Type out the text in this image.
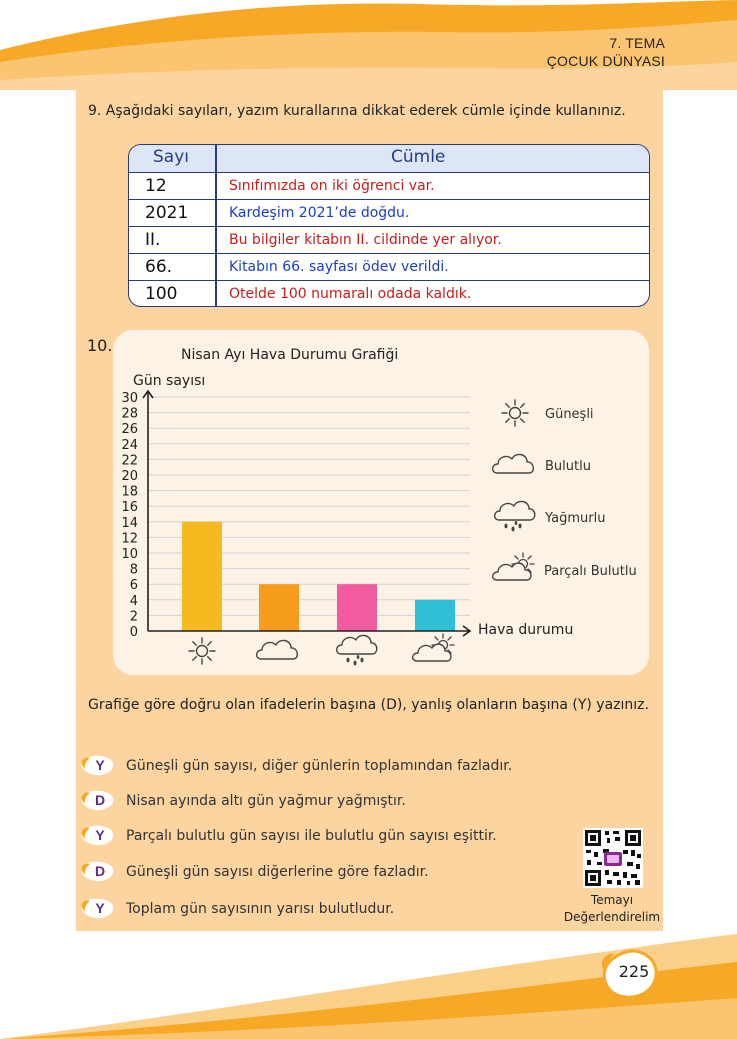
7. TEMA
ÇOCUK DÜNYASI
9. Aşağıdaki sayıları, yazım kurallarına dikkat ederek cümle içinde kullanınız.
Sayı	Cümle
12	Sınıfımızda on iki öğrenci var.
2021	Kardeşim 2021’de doğdu.
II.	Bu bilgiler kitabın II. cildinde yer alıyor.
66.	Kitabın 66. sayfası ödev verildi.
100	Otelde 100 numaralı odada kaldık.
10.	Nisan Ayı Hava Durumu Grafiği
Gün sayısı
0
2
4
6
8
10
12
14
16
18
20
22
24
26
28
30
Hava durumu
Güneşli
Bulutlu
Yağmurlu
Parçalı Bulutlu
Grafiğe göre doğru olan ifadelerin başına (D), yanlış olanların başına (Y) yazınız.
Y	Güneşli gün sayısı, diğer günlerin toplamından fazladır.
D	Nisan ayında altı gün yağmur yağmıştır.
Y	Parçalı bulutlu gün sayısı ile bulutlu gün sayısı eşittir.
D	Güneşli gün sayısı diğerlerine göre fazladır.
Y	Toplam gün sayısının yarısı bulutludur.
Temayı
Değerlendirelim
225
